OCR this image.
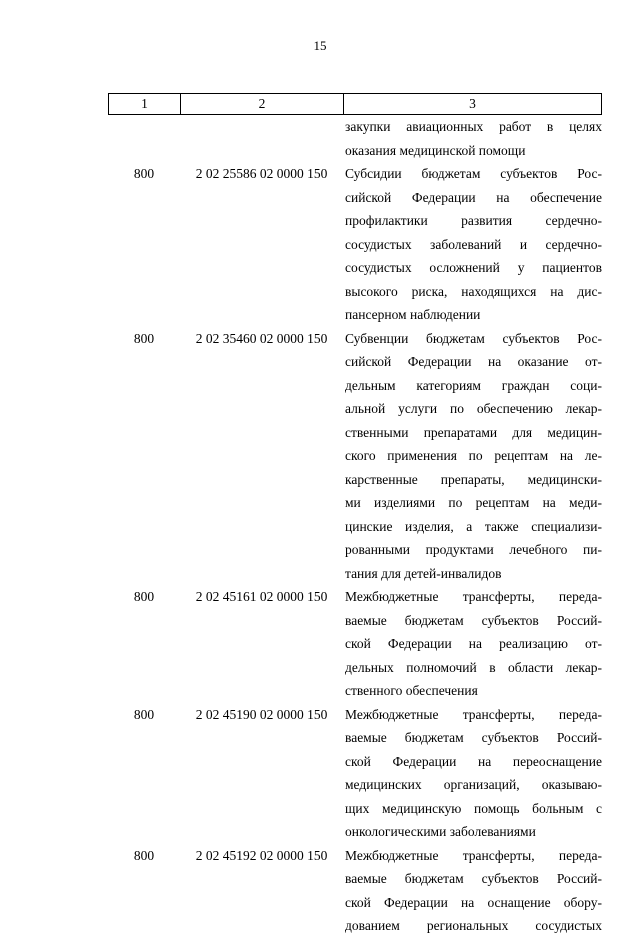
15
1	2	3
закупки авиационных работ в целях
оказания медицинской помощи
800	2 02 25586 02 0000 150	Субсидии бюджетам субъектов Рос-
сийской Федерации на обеспечение
профилактики развития сердечно-
сосудистых заболеваний и сердечно-
сосудистых осложнений у пациентов
высокого риска, находящихся на дис-
пансерном наблюдении
800	2 02 35460 02 0000 150	Субвенции бюджетам субъектов Рос-
сийской Федерации на оказание от-
дельным категориям граждан соци-
альной услуги по обеспечению лекар-
ственными препаратами для медицин-
ского применения по рецептам на ле-
карственные препараты, медицински-
ми изделиями по рецептам на меди-
цинские изделия, а также специализи-
рованными продуктами лечебного пи-
тания для детей-инвалидов
800	2 02 45161 02 0000 150	Межбюджетные трансферты, переда-
ваемые бюджетам субъектов Россий-
ской Федерации на реализацию от-
дельных полномочий в области лекар-
ственного обеспечения
800	2 02 45190 02 0000 150	Межбюджетные трансферты, переда-
ваемые бюджетам субъектов Россий-
ской Федерации на переоснащение
медицинских организаций, оказываю-
щих медицинскую помощь больным с
онкологическими заболеваниями
800	2 02 45192 02 0000 150	Межбюджетные трансферты, переда-
ваемые бюджетам субъектов Россий-
ской Федерации на оснащение обору-
дованием региональных сосудистых
